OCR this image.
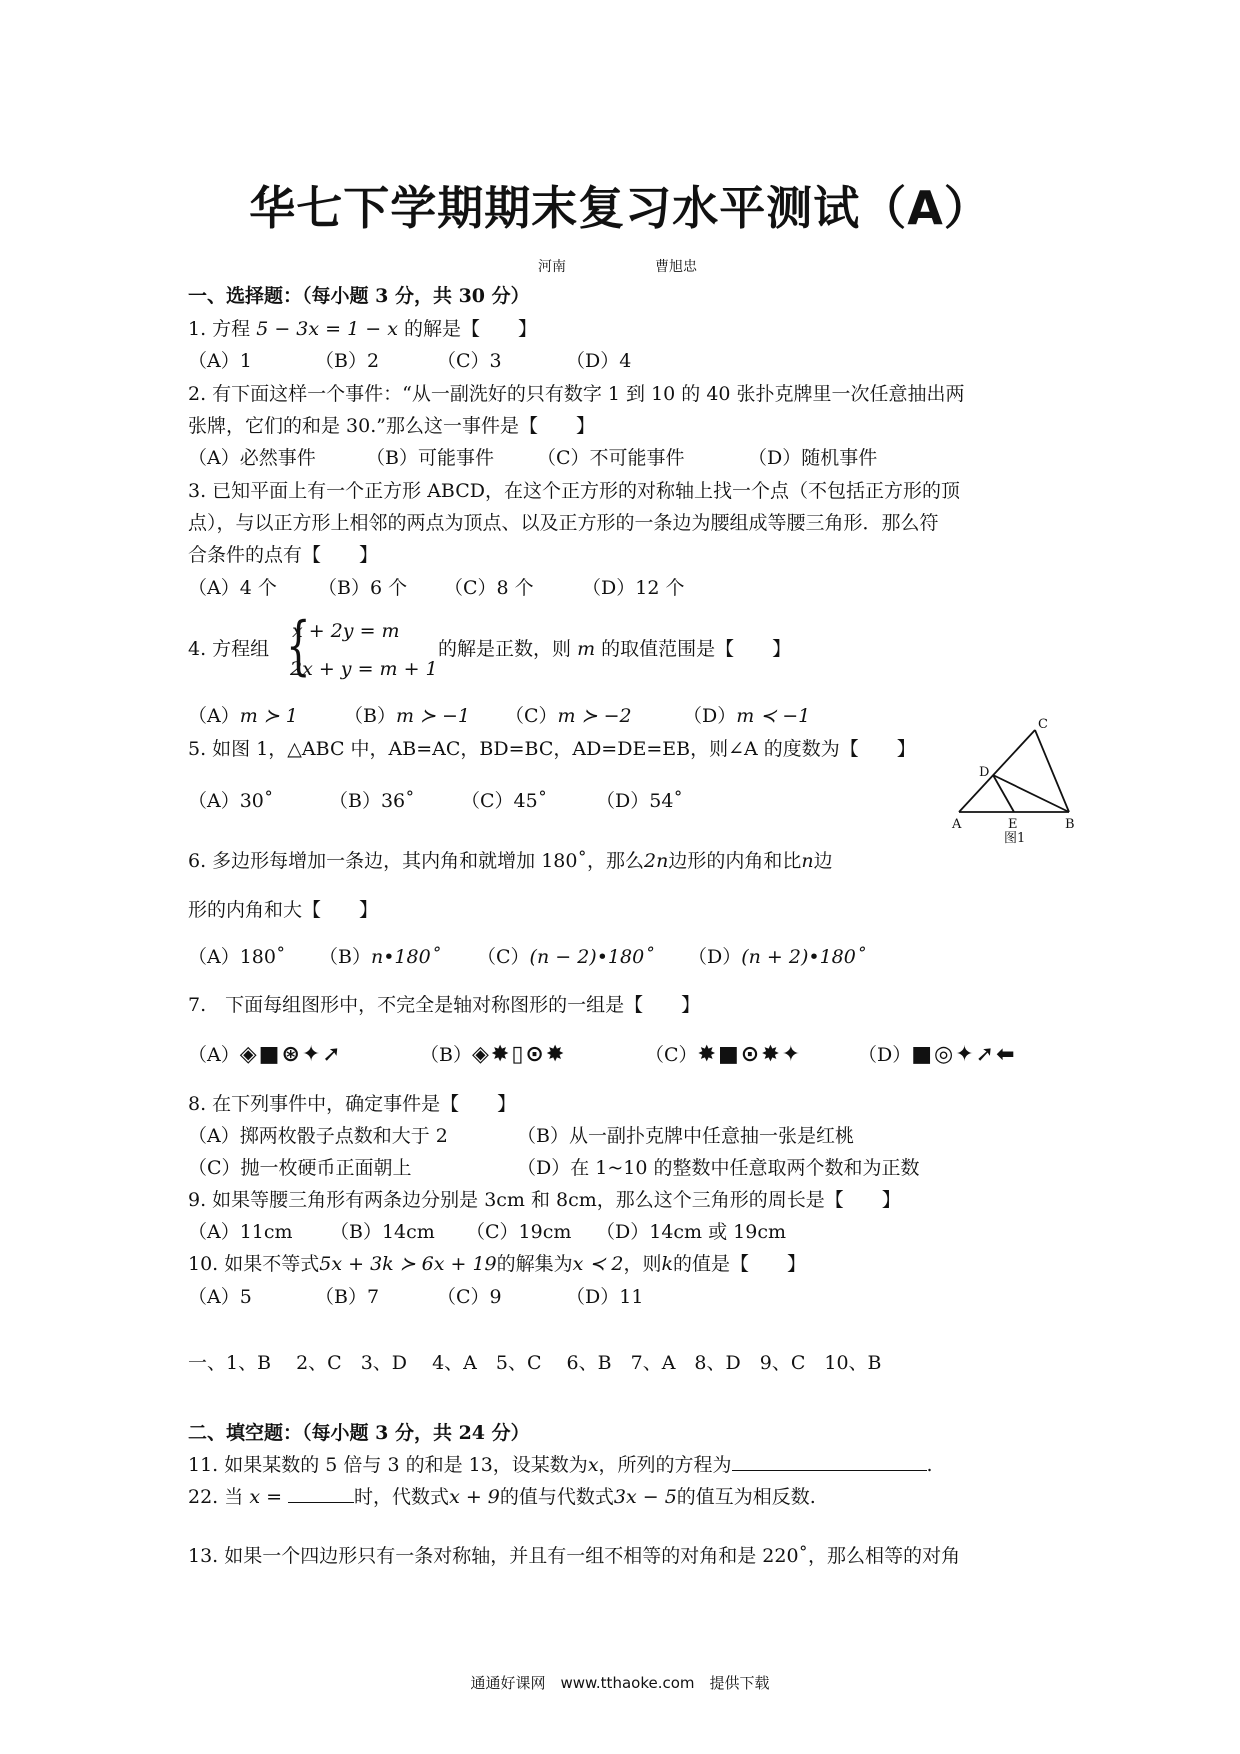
华七下学期期末复习水平测试（A）
河南	曹旭忠
一、选择题：（每小题 3 分，共 30 分）
1. 方程 5 − 3x = 1 − x 的解是【　　】
（A）1	（B）2	（C）3	（D）4
2. 有下面这样一个事件：“从一副洗好的只有数字 1 到 10 的 40 张扑克牌里一次任意抽出两
张牌，它们的和是 30.”那么这一事件是【　　】
（A）必然事件	（B）可能事件 （C）不可能事件	（D）随机事件
3. 已知平面上有一个正方形 ABCD，在这个正方形的对称轴上找一个点（不包括正方形的顶
点），与以正方形上相邻的两点为顶点、以及正方形的一条边为腰组成等腰三角形．那么符
合条件的点有【　　】
（A）4 个 （B）6 个 （C）8 个	（D）12 个
4. 方程组 {
x + 2y = m
2x + y = m + 1
的解是正数，则 m 的取值范围是【　　】
（A）m ≻ 1 （B）m ≻ −1 （C）m ≻ −2	（D）m ≺ −1
5. 如图 1，△ABC 中，AB=AC，BD=BC，AD=DE=EB，则∠A 的度数为【　　】
（A）30˚	（B）36˚ （C）45˚	（D）54˚
C
D
A	E	B
图1
6. 多边形每增加一条边，其内角和就增加 180˚，那么2n边形的内角和比n边
形的内角和大【　　】
（A）180˚ （B）n•180˚ （C）(n − 2)•180˚ （D）(n + 2)•180˚
7.　下面每组图形中，不完全是轴对称图形的一组是【　　】
（A）◈■⊛✦➚	（B）◈✸▯⊙✸	（C）✸■⊙✸✦	（D）■◎✦➚⬅
8. 在下列事件中，确定事件是【　　】
（A）掷两枚骰子点数和大于 2	（B）从一副扑克牌中任意抽一张是红桃
（C）抛一枚硬币正面朝上	（D）在 1~10 的整数中任意取两个数和为正数
9. 如果等腰三角形有两条边分别是 3cm 和 8cm，那么这个三角形的周长是【　　】
（A）11cm （B）14cm （C）19cm （D）14cm 或 19cm
10. 如果不等式5x + 3k ≻ 6x + 19的解集为x ≺ 2，则k的值是【　　】
（A）5	（B）7	（C）9	（D）11
一、1、B　 2、C　3、D　 4、A　5、C　 6、B　7、A　8、D　9、C　10、B
二、填空题：（每小题 3 分，共 24 分）
11. 如果某数的 5 倍与 3 的和是 13，设某数为x，所列的方程为	.
22. 当 x =	时，代数式x + 9的值与代数式3x − 5的值互为相反数.
13. 如果一个四边形只有一条对称轴，并且有一组不相等的对角和是 220˚，那么相等的对角
通通好课网　www.tthaoke.com　提供下载
